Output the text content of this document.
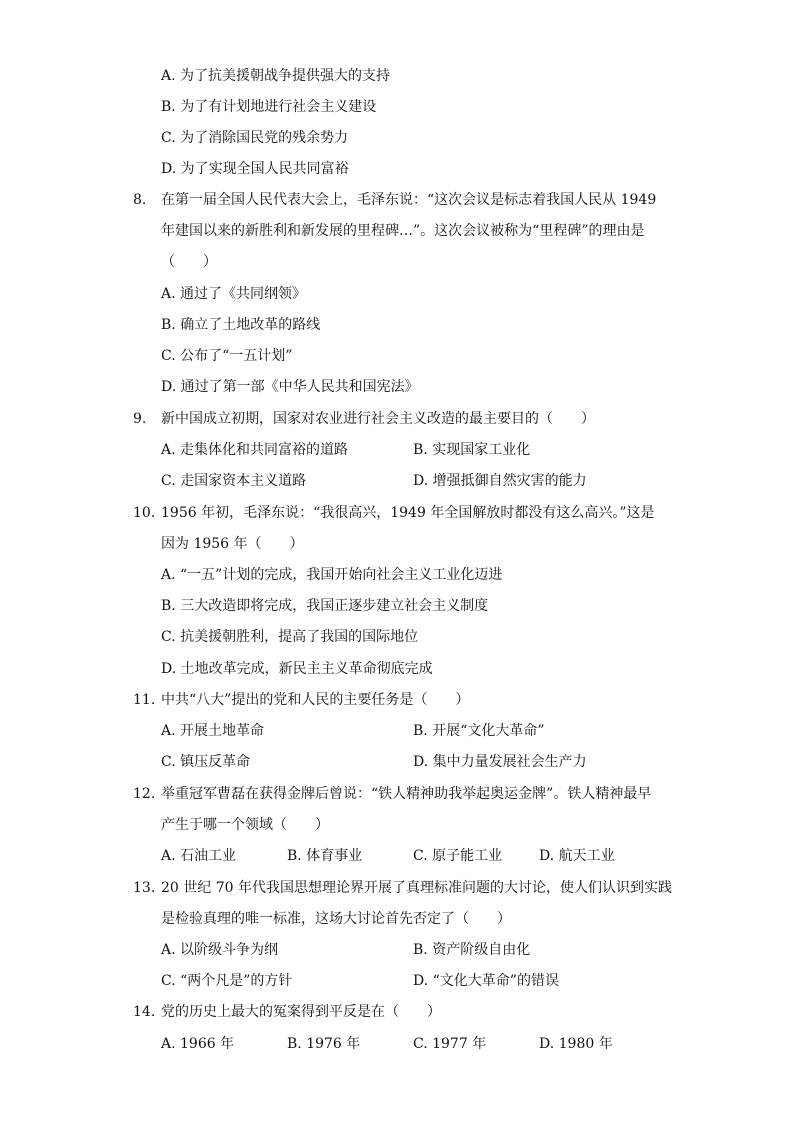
A. 为了抗美援朝战争提供强大的支持
B. 为了有计划地进行社会主义建设
C. 为了消除国民党的残余势力
D. 为了实现全国人民共同富裕
8. 在第一届全国人民代表大会上，毛泽东说：“这次会议是标志着我国人民从 1949
年建国以来的新胜利和新发展的里程碑…”。这次会议被称为“里程碑”的理由是
（　　）
A. 通过了《共同纲领》
B. 确立了土地改革的路线
C. 公布了“一五计划”
D. 通过了第一部《中华人民共和国宪法》
9. 新中国成立初期，国家对农业进行社会主义改造的最主要目的（　　）
A. 走集体化和共同富裕的道路	B. 实现国家工业化
C. 走国家资本主义道路	D. 增强抵御自然灾害的能力
10. 1956 年初，毛泽东说：“我很高兴，1949 年全国解放时都没有这么高兴。”这是
因为 1956 年（　　）
A. “一五”计划的完成，我国开始向社会主义工业化迈进
B. 三大改造即将完成，我国正逐步建立社会主义制度
C. 抗美援朝胜利，提高了我国的国际地位
D. 土地改革完成，新民主主义革命彻底完成
11. 中共“八大”提出的党和人民的主要任务是（　　）
A. 开展土地革命	B. 开展“文化大革命”
C. 镇压反革命	D. 集中力量发展社会生产力
12. 举重冠军曹磊在获得金牌后曾说：“铁人精神助我举起奥运金牌”。铁人精神最早
产生于哪一个领域（　　）
A. 石油工业	B. 体育事业	C. 原子能工业	D. 航天工业
13. 20 世纪 70 年代我国思想理论界开展了真理标准问题的大讨论，使人们认识到实践
是检验真理的唯一标准，这场大讨论首先否定了（　　）
A. 以阶级斗争为纲	B. 资产阶级自由化
C. “两个凡是”的方针	D. “文化大革命”的错误
14. 党的历史上最大的冤案得到平反是在（　　）
A. 1966 年	B. 1976 年	C. 1977 年	D. 1980 年
